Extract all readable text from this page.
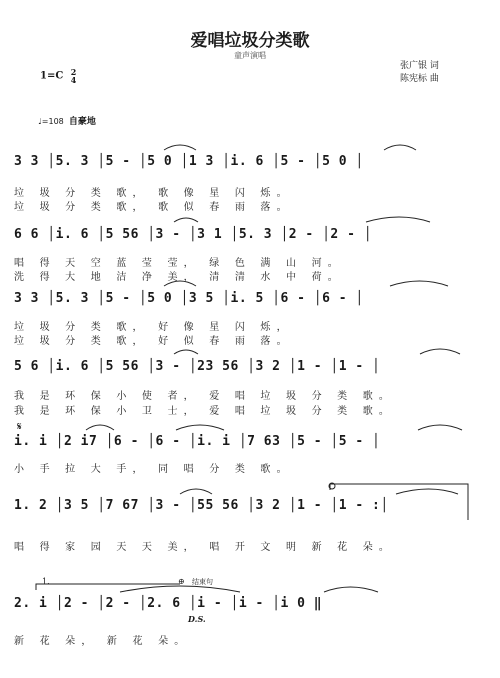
爱唱垃圾分类歌
童声演唱
张广银 词
陈宪标 曲
1=C 2
4
♩=108 自豪地
3 3 │5. 3 │5 - │5 0 │1 3 │i. 6 │5 - │5 0 │
垃 圾 分 类 歌， 歌 像 星 闪 烁。
垃 圾 分 类 歌， 歌 似 春 雨 落。
6 6 │i. 6 │5 56 │3 - │3 1 │5. 3 │2 - │2 - │
唱 得 天 空 蓝 莹 莹， 绿 色 满 山 河。
洗 得 大 地 洁 净 美， 清 清 水 中 荷。
3 3 │5. 3 │5 - │5 0 │3 5 │i. 5 │6 - │6 - │
垃 圾 分 类 歌， 好 像 星 闪 烁，
垃 圾 分 类 歌， 好 似 春 雨 落。
5 6 │i. 6 │5 56 │3 - │23 56 │3 2 │1 - │1 - │
我 是 环 保 小 使 者， 爱 唱 垃 圾 分 类 歌。
我 是 环 保 小 卫 士， 爱 唱 垃 圾 分 类 歌。
𝄋
i. i │2 i7 │6 - │6 - │i. i │7 63 │5 - │5 - │
小 手 拉 大 手， 同 唱 分 类 歌。
1. 2 │3 5 │7 67 │3 - │55 56 │3 2 │1 - │1 - :│
唱 得 家 园 天 天 美， 唱 开 文 明 新 花 朵。
1.	⊕ 结束句
2. i │2 - │2 - │2. 6 │i - │i - │i 0 ‖
D.S.
新 花 朵， 新 花 朵。
